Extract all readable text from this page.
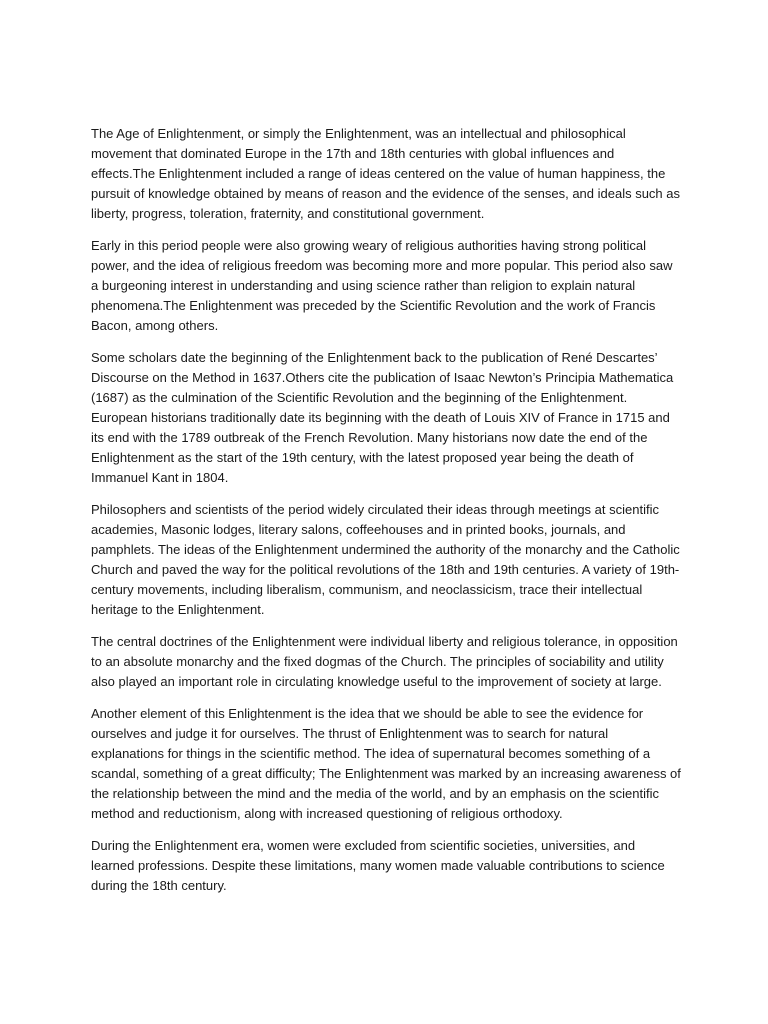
The Age of Enlightenment, or simply the Enlightenment, was an intellectual and philosophical movement that dominated Europe in the 17th and 18th centuries with global influences and effects.The Enlightenment included a range of ideas centered on the value of human happiness, the pursuit of knowledge obtained by means of reason and the evidence of the senses, and ideals such as liberty, progress, toleration, fraternity, and constitutional government.

Early in this period people were also growing weary of religious authorities having strong political power, and the idea of religious freedom was becoming more and more popular. This period also saw a burgeoning interest in understanding and using science rather than religion to explain natural phenomena.The Enlightenment was preceded by the Scientific Revolution and the work of Francis Bacon, among others.

Some scholars date the beginning of the Enlightenment back to the publication of René Descartes’ Discourse on the Method in 1637.Others cite the publication of Isaac Newton’s Principia Mathematica (1687) as the culmination of the Scientific Revolution and the beginning of the Enlightenment. European historians traditionally date its beginning with the death of Louis XIV of France in 1715 and its end with the 1789 outbreak of the French Revolution. Many historians now date the end of the Enlightenment as the start of the 19th century, with the latest proposed year being the death of Immanuel Kant in 1804.

Philosophers and scientists of the period widely circulated their ideas through meetings at scientific academies, Masonic lodges, literary salons, coffeehouses and in printed books, journals, and pamphlets. The ideas of the Enlightenment undermined the authority of the monarchy and the Catholic Church and paved the way for the political revolutions of the 18th and 19th centuries. A variety of 19th-century movements, including liberalism, communism, and neoclassicism, trace their intellectual heritage to the Enlightenment.

The central doctrines of the Enlightenment were individual liberty and religious tolerance, in opposition to an absolute monarchy and the fixed dogmas of the Church. The principles of sociability and utility also played an important role in circulating knowledge useful to the improvement of society at large.

Another element of this Enlightenment is the idea that we should be able to see the evidence for ourselves and judge it for ourselves. The thrust of Enlightenment was to search for natural explanations for things in the scientific method. The idea of supernatural becomes something of a scandal, something of a great difficulty; The Enlightenment was marked by an increasing awareness of the relationship between the mind and the media of the world, and by an emphasis on the scientific method and reductionism, along with increased questioning of religious orthodoxy.

During the Enlightenment era, women were excluded from scientific societies, universities, and learned professions. Despite these limitations, many women made valuable contributions to science during the 18th century.
